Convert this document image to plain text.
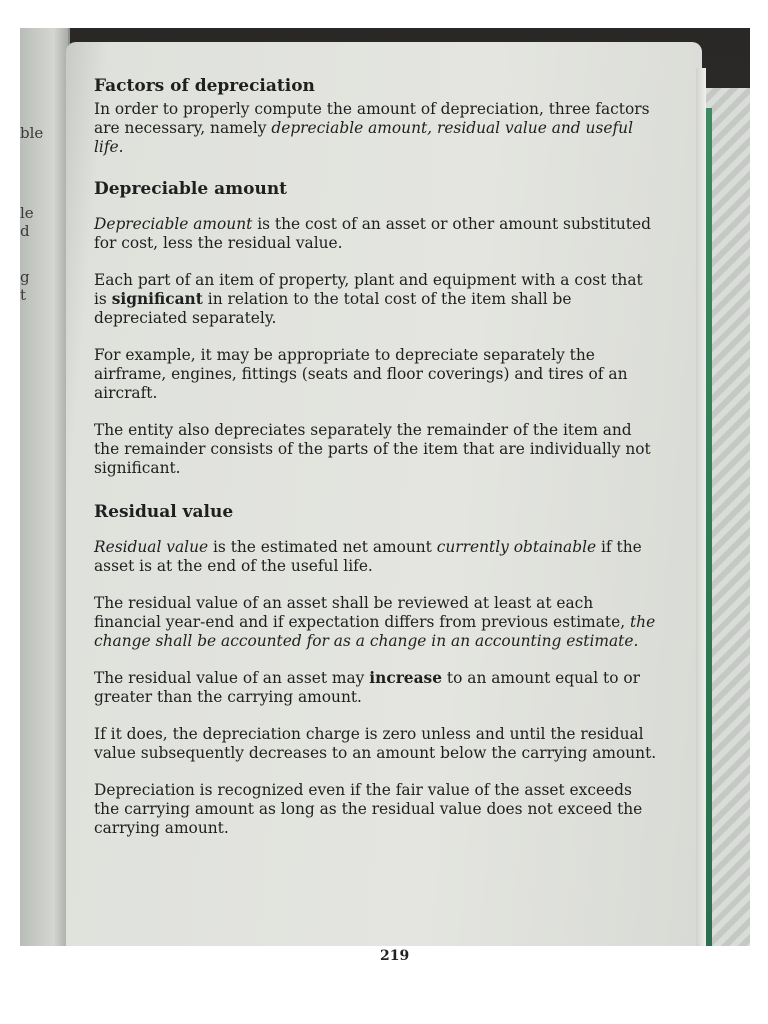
ble
le
d
g
t
Factors of depreciation

In order to properly compute the amount of depreciation, three factors are necessary, namely depreciable amount, residual value and useful life.

Depreciable amount

Depreciable amount is the cost of an asset or other amount substituted for cost, less the residual value.

Each part of an item of property, plant and equipment with a cost that is significant in relation to the total cost of the item shall be depreciated separately.

For example, it may be appropriate to depreciate separately the airframe, engines, fittings (seats and floor coverings) and tires of an aircraft.

The entity also depreciates separately the remainder of the item and the remainder consists of the parts of the item that are individually not significant.

Residual value

Residual value is the estimated net amount currently obtainable if the asset is at the end of the useful life.

The residual value of an asset shall be reviewed at least at each financial year-end and if expectation differs from previous estimate, the change shall be accounted for as a change in an accounting estimate.

The residual value of an asset may increase to an amount equal to or greater than the carrying amount.

If it does, the depreciation charge is zero unless and until the residual value subsequently decreases to an amount below the carrying amount.

Depreciation is recognized even if the fair value of the asset exceeds the carrying amount as long as the residual value does not exceed the carrying amount.

219
